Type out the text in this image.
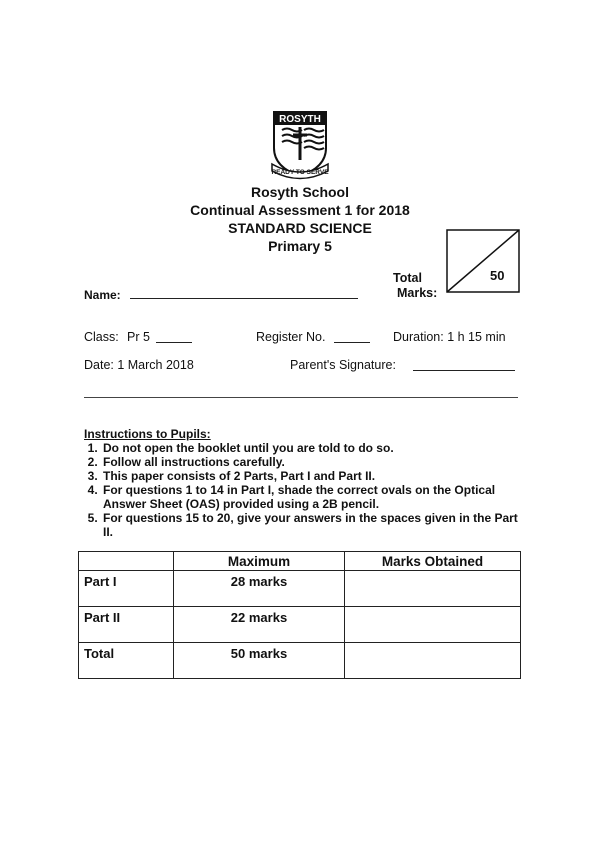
ROSYTH
READY TO SERVE
Rosyth School
Continual Assessment 1 for 2018
STANDARD SCIENCE
Primary 5
Total
Marks:
50
Name:
Class: Pr 5	Register No.	Duration: 1 h 15 min
Date: 1 March 2018	Parent's Signature:
Instructions to Pupils:
1. Do not open the booklet until you are told to do so.
2. Follow all instructions carefully.
3. This paper consists of 2 Parts, Part I and Part II.
4. For questions 1 to 14 in Part I, shade the correct ovals on the Optical Answer Sheet (OAS) provided using a 2B pencil.
5. For questions 15 to 20, give your answers in the spaces given in the Part II.
	Maximum	Marks Obtained
Part I	28 marks	
Part II	22 marks	
Total	50 marks	
